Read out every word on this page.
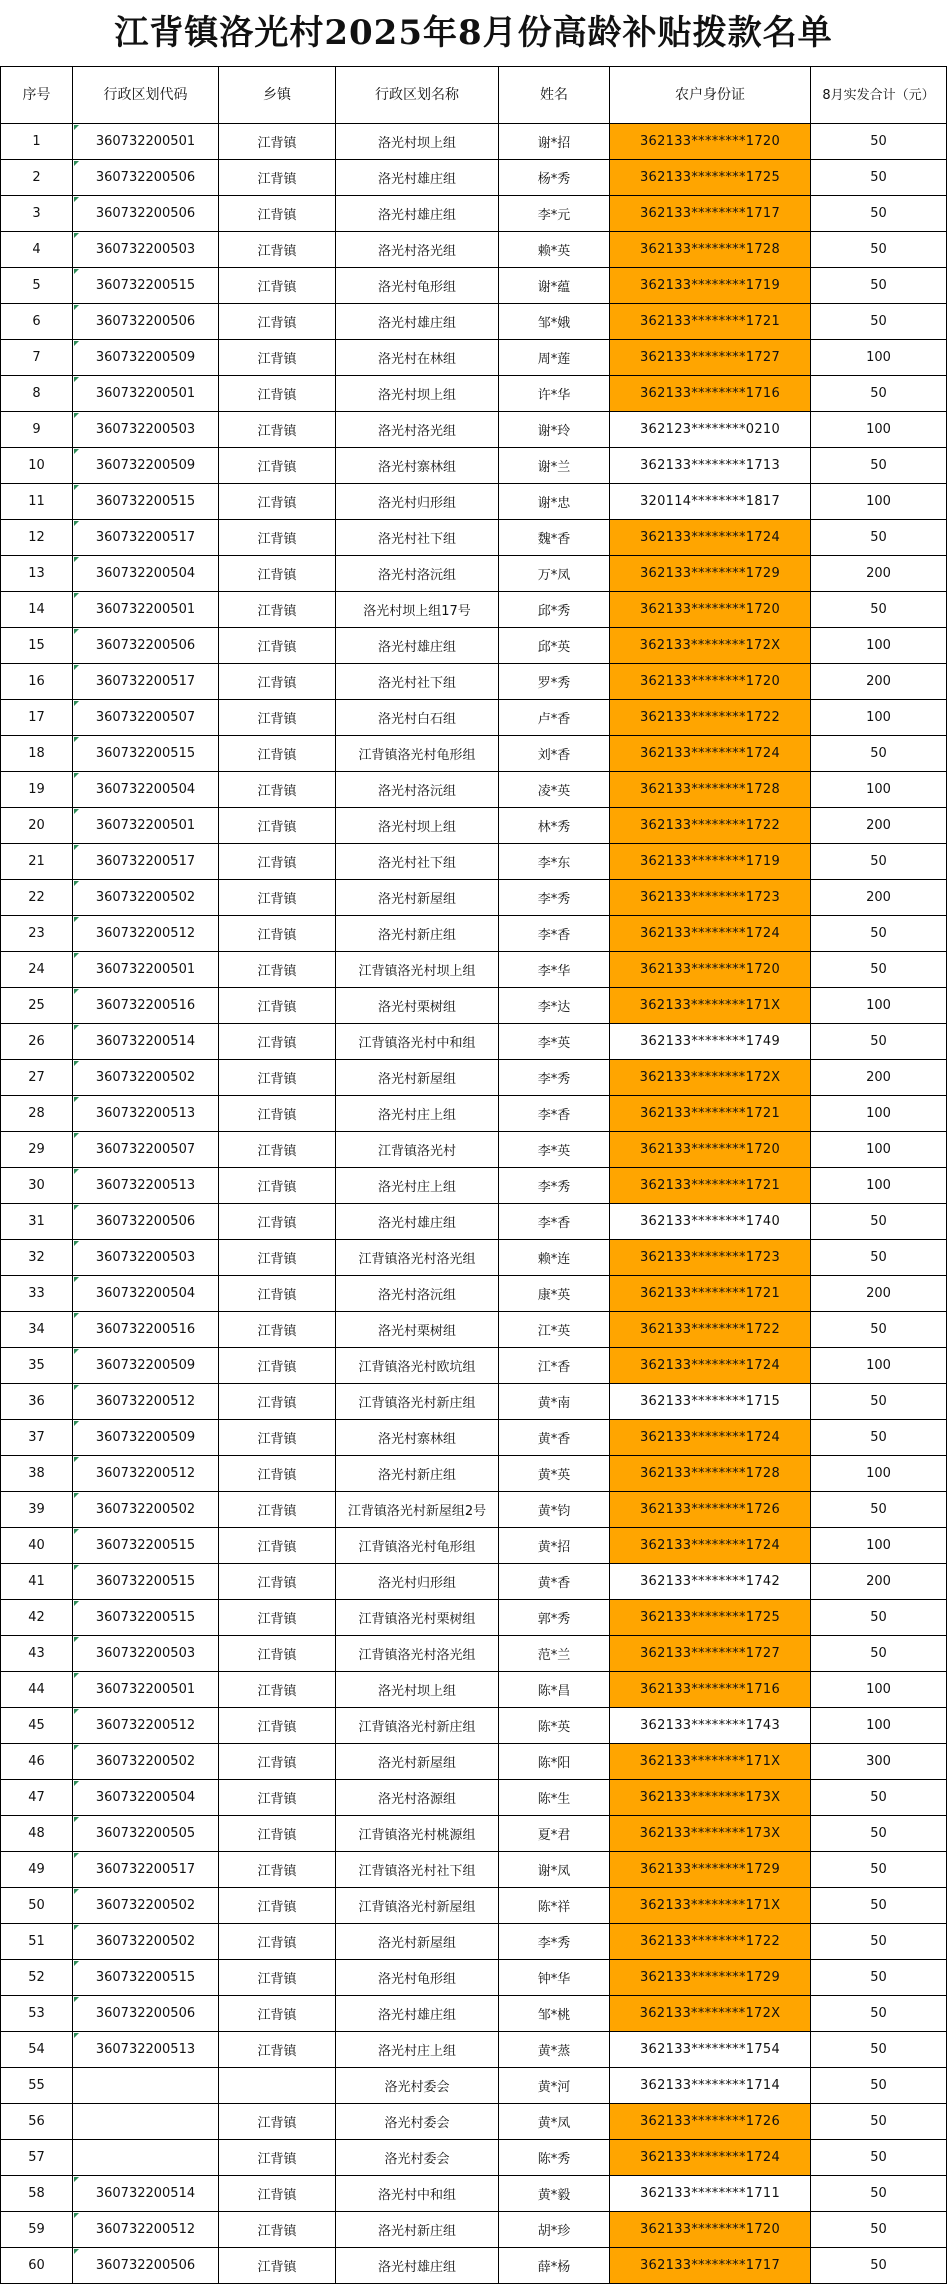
江背镇洛光村2025年8月份高龄补贴拨款名单
序号	行政区划代码	乡镇	行政区划名称	姓名	农户身份证	8月实发合计（元）
1	360732200501	江背镇	洛光村坝上组	谢*招	362133********1720	50
2	360732200506	江背镇	洛光村雄庄组	杨*秀	362133********1725	50
3	360732200506	江背镇	洛光村雄庄组	李*元	362133********1717	50
4	360732200503	江背镇	洛光村洛光组	赖*英	362133********1728	50
5	360732200515	江背镇	洛光村龟形组	谢*蕴	362133********1719	50
6	360732200506	江背镇	洛光村雄庄组	邹*娥	362133********1721	50
7	360732200509	江背镇	洛光村在林组	周*莲	362133********1727	100
8	360732200501	江背镇	洛光村坝上组	许*华	362133********1716	50
9	360732200503	江背镇	洛光村洛光组	谢*玲	362123********0210	100
10	360732200509	江背镇	洛光村寨林组	谢*兰	362133********1713	50
11	360732200515	江背镇	洛光村归形组	谢*忠	320114********1817	100
12	360732200517	江背镇	洛光村社下组	魏*香	362133********1724	50
13	360732200504	江背镇	洛光村洛沅组	万*凤	362133********1729	200
14	360732200501	江背镇	洛光村坝上组17号	邱*秀	362133********1720	50
15	360732200506	江背镇	洛光村雄庄组	邱*英	362133********172X	100
16	360732200517	江背镇	洛光村社下组	罗*秀	362133********1720	200
17	360732200507	江背镇	洛光村白石组	卢*香	362133********1722	100
18	360732200515	江背镇	江背镇洛光村龟形组	刘*香	362133********1724	50
19	360732200504	江背镇	洛光村洛沅组	凌*英	362133********1728	100
20	360732200501	江背镇	洛光村坝上组	林*秀	362133********1722	200
21	360732200517	江背镇	洛光村社下组	李*东	362133********1719	50
22	360732200502	江背镇	洛光村新屋组	李*秀	362133********1723	200
23	360732200512	江背镇	洛光村新庄组	李*香	362133********1724	50
24	360732200501	江背镇	江背镇洛光村坝上组	李*华	362133********1720	50
25	360732200516	江背镇	洛光村栗树组	李*达	362133********171X	100
26	360732200514	江背镇	江背镇洛光村中和组	李*英	362133********1749	50
27	360732200502	江背镇	洛光村新屋组	李*秀	362133********172X	200
28	360732200513	江背镇	洛光村庄上组	李*香	362133********1721	100
29	360732200507	江背镇	江背镇洛光村	李*英	362133********1720	100
30	360732200513	江背镇	洛光村庄上组	李*秀	362133********1721	100
31	360732200506	江背镇	洛光村雄庄组	李*香	362133********1740	50
32	360732200503	江背镇	江背镇洛光村洛光组	赖*连	362133********1723	50
33	360732200504	江背镇	洛光村洛沅组	康*英	362133********1721	200
34	360732200516	江背镇	洛光村栗树组	江*英	362133********1722	50
35	360732200509	江背镇	江背镇洛光村欧坑组	江*香	362133********1724	100
36	360732200512	江背镇	江背镇洛光村新庄组	黄*南	362133********1715	50
37	360732200509	江背镇	洛光村寨林组	黄*香	362133********1724	50
38	360732200512	江背镇	洛光村新庄组	黄*英	362133********1728	100
39	360732200502	江背镇	江背镇洛光村新屋组2号	黄*钧	362133********1726	50
40	360732200515	江背镇	江背镇洛光村龟形组	黄*招	362133********1724	100
41	360732200515	江背镇	洛光村归形组	黄*香	362133********1742	200
42	360732200515	江背镇	江背镇洛光村栗树组	郭*秀	362133********1725	50
43	360732200503	江背镇	江背镇洛光村洛光组	范*兰	362133********1727	50
44	360732200501	江背镇	洛光村坝上组	陈*昌	362133********1716	100
45	360732200512	江背镇	江背镇洛光村新庄组	陈*英	362133********1743	100
46	360732200502	江背镇	洛光村新屋组	陈*阳	362133********171X	300
47	360732200504	江背镇	洛光村洛源组	陈*生	362133********173X	50
48	360732200505	江背镇	江背镇洛光村桃源组	夏*君	362133********173X	50
49	360732200517	江背镇	江背镇洛光村社下组	谢*凤	362133********1729	50
50	360732200502	江背镇	江背镇洛光村新屋组	陈*祥	362133********171X	50
51	360732200502	江背镇	洛光村新屋组	李*秀	362133********1722	50
52	360732200515	江背镇	洛光村龟形组	钟*华	362133********1729	50
53	360732200506	江背镇	洛光村雄庄组	邹*桃	362133********172X	50
54	360732200513	江背镇	洛光村庄上组	黄*蒸	362133********1754	50
55			洛光村委会	黄*河	362133********1714	50
56		江背镇	洛光村委会	黄*凤	362133********1726	50
57		江背镇	洛光村委会	陈*秀	362133********1724	50
58	360732200514	江背镇	洛光村中和组	黄*毅	362133********1711	50
59	360732200512	江背镇	洛光村新庄组	胡*珍	362133********1720	50
60	360732200506	江背镇	洛光村雄庄组	薛*杨	362133********1717	50
